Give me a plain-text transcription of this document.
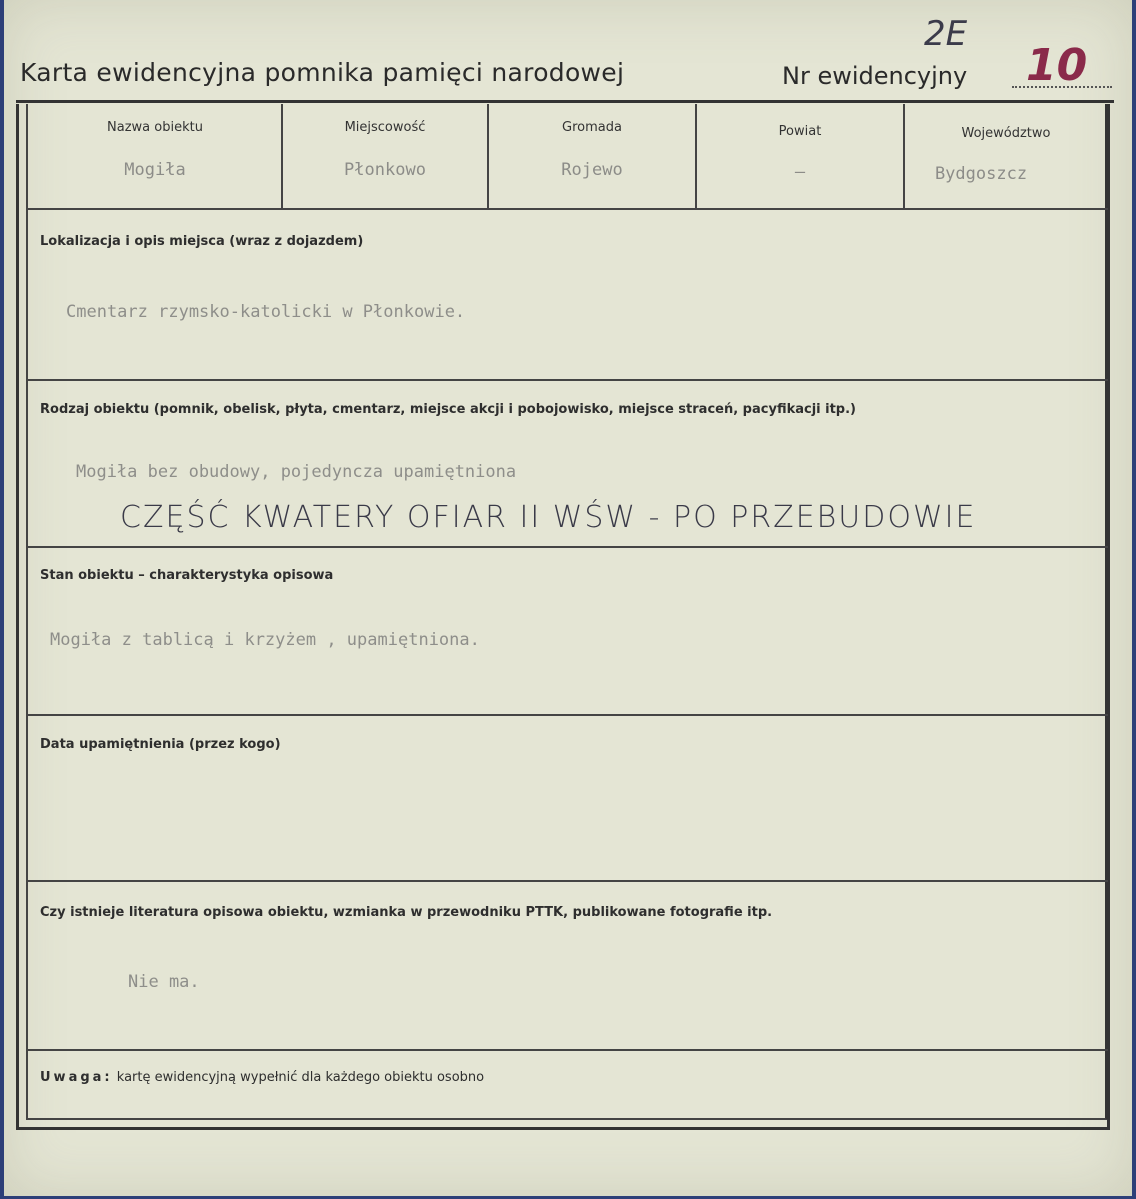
Karta ewidencyjna pomnika pamięci narodowej	Nr ewidencyjny
2E
10
Nazwa obiektu
Mogiła
Miejscowość
Płonkowo
Gromada
Rojewo
Powiat
–
Województwo
Bydgoszcz
Lokalizacja i opis miejsca (wraz z dojazdem)
Cmentarz rzymsko-katolicki w Płonkowie.
Rodzaj obiektu (pomnik, obelisk, płyta, cmentarz, miejsce akcji i pobojowisko, miejsce straceń, pacyfikacji itp.)
Mogiła bez obudowy, pojedyncza upamiętniona
CZĘŚĆ KWATERY OFIAR II WŚW - PO PRZEBUDOWIE
Stan obiektu – charakterystyka opisowa
Mogiła z tablicą i krzyżem , upamiętniona.
Data upamiętnienia (przez kogo)
Czy istnieje literatura opisowa obiektu, wzmianka w przewodniku PTTK, publikowane fotografie itp.
Nie ma.
Uwaga: kartę ewidencyjną wypełnić dla każdego obiektu osobno
